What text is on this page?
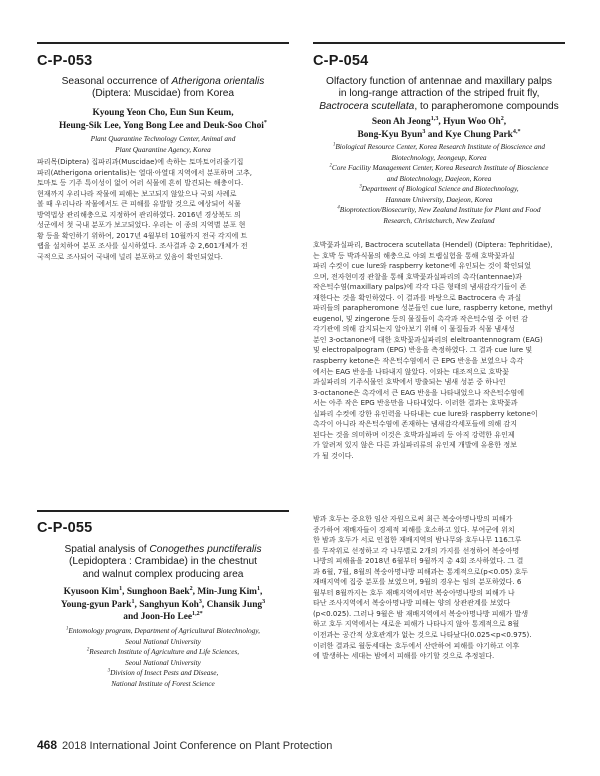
C-P-053
Seasonal occurrence of Atherigona orientalis
(Diptera: Muscidae) from Korea
Kyoung Yeon Cho, Eun Sun Keum,
Heung-Sik Lee, Yong Bong Lee and Deuk-Soo Choi*
Plant Quarantine Technology Center, Animal and
Plant Quarantine Agency, Korea
파리목(Diptera) 집파리과(Muscidae)에 속하는 토마토어리줄기집
파리(Atherigona orientalis)는 열대·아열대 지역에서 분포하며 고추,
토마토 등 기주 특이성이 없어 여러 식물에 흔히 발견되는 해충이다.
현재까지 우리나라 작물에 피해는 보고되지 않았으나 국외 사례로
볼 때 우리나라 작물에서도 큰 피해를 유발할 것으로 예상되어 식물
방역법상 관리해충으로 지정하여 관리하였다. 2016년 경상북도 의
성군에서 첫 국내 분포가 보고되었다. 우리는 이 종의 지역별 분포 현
황 등을 확인하기 위하여, 2017년 4월부터 10월까지 전국 각지에 트
랩을 설치하여 분포 조사를 실시하였다. 조사결과 총 2,601개체가 전
국적으로 조사되어 국내에 널리 분포하고 있음이 확인되었다.
C-P-054
Olfactory function of antennae and maxillary palps
in long-range attraction of the striped fruit fly,
Bactrocera scutellata, to parapheromone compounds
Seon Ah Jeong$^{1,3}$, Hyun Woo Oh$^2$,
Bong-Kyu Byun$^3$ and Kye Chung Park$^{4,*}$
$^1$Biological Resource Center, Korea Research Institute of Bioscience and
Biotechnology, Jeongeup, Korea
$^2$Core Facility Management Center, Korea Research Institute of Bioscience
and Biotechnology, Daejeon, Korea
$^3$Department of Biological Science and Biotechnology,
Hannam University, Daejeon, Korea
$^4$Bioprotection/Biosecurity, New Zealand Institute for Plant and Food
Research, Christchurch, New Zealand
호박꽃과실파리, Bactrocera scutellata (Hendel) (Diptera: Tephritidae),
는 호박 등 박과식물의 해충으로 야외 트랩실험을 통해 호박꽃과실
파리 수컷이 cue lure와 raspberry ketone에 유인되는 것이 확인되었
으며, 전자현미경 관찰을 통해 호박꽃과실파리의 촉각(antennae)과
작은턱수염(maxillary palps)에 각각 다른 형태의 냄새감각기들이 존
재한다는 것을 확인하였다. 이 결과를 바탕으로 Bactrocera 속 과실
파리들의 parapheromone 성분들인 cue lure, raspberry ketone, methyl
eugenol, 및 zingerone 등의 물질들이 촉각과 작은턱수염 중 어떤 감
각기관에 의해 감지되는지 알아보기 위해 이 물질들과 식물 냄새성
분인 3-octanone에 대한 호박꽃과실파리의 eleltroantennogram (EAG)
및 electropalpogram (EPG) 반응을 측정하였다. 그 결과 cue lure 및
raspberry ketone은 작은턱수염에서 큰 EPG 반응을 보였으나 촉각
에서는 EAG 반응을 나타내지 않았다. 이와는 대조적으로 호박꽃
과실파리의 기주식물인 호박에서 방출되는 냄새 성분 중 하나인
3-octanone은 촉각에서 큰 EAG 반응을 나타내었으나 작은턱수염에
서는 아주 작은 EPG 반응만을 나타내었다. 이러한 결과는 호박꽃과
실파리 수컷에 강한 유인력을 나타내는 cue lure와 raspberry ketone이
촉각이 아니라 작은턱수염에 존재하는 냄새감각세포들에 의해 감지
된다는 것을 의미하며 이것은 호박과실파리 등 아직 강력한 유인제
가 알려져 있지 않은 다른 과실파리류의 유인제 개발에 유용한 정보
가 될 것이다.
C-P-055
Spatial analysis of Conogethes punctiferalis
(Lepidoptera : Crambidae) in the chestnut
and walnut complex producing area
Kyusoon Kim$^1$, Sunghoon Baek$^2$, Min-Jung Kim$^1$,
Young-gyun Park$^1$, Sanghyun Koh$^3$, Chansik Jung$^3$
and Joon-Ho Lee$^{1,2*}$
$^1$Entomology program, Department of Agricultural Biotechnology,
Seoul National University
$^2$Research Institute of Agriculture and Life Sciences,
Seoul National University
$^3$Division of Insect Pests and Disease,
National Institute of Forest Science
밤과 호두는 중요한 임산 자원으로써 최근 복숭아명나방의 피해가
증가하여 재배자들이 경제적 피해를 호소하고 있다. 부여군에 위치
한 밤과 호두가 서로 인접한 재배지역의 밤나무와 호두나무 116그루
를 무작위로 선정하고 각 나무별로 2개의 가지를 선정하여 복숭아명
나방의 피해율을 2018년 6월부터 9월까지 총 4회 조사하였다. 그 결
과 6월, 7월, 8월의 복숭아명나방 피해과는 통계적으로(p<0.05) 호두
재배지역에 집중 분포를 보였으며, 9월의 경우는 임의 분포하였다. 6
월부터 8월까지는 호두 재배지역에서만 복숭아명나방의 피해가 나
타난 조사지역에서 복숭아명나방 피해는 양의 상관관계를 보였다
(p<0.025). 그러나 9월은 밤 재배지역에서 복숭아명나방 피해가 발생
하고 호두 지역에서는 새로운 피해가 나타나지 않아 통계적으로 8월
이전과는 공간적 상호관계가 없는 것으로 나타났다(0.025<p<0.975).
이러한 결과로 월동세대는 호두에서 산란하여 피해를 야기하고 이후
에 발생하는 세대는 밤에서 피해를 야기할 것으로 추정된다.
468 2018 International Joint Conference on Plant Protection
